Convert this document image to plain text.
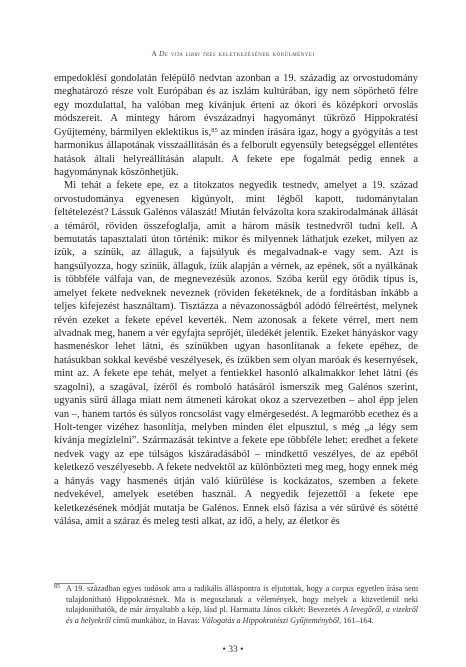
A De vita libri tres keletkezésének körülményei

empedoklési gondolatán felépülő nedvtan azonban a 19. századig az orvostudomány meghatározó része volt Európában és az iszlám kultúrában, így nem söpörhető félre egy mozdulattal, ha valóban meg kívánjuk érteni az ókori és középkori orvoslás módszereit. A mintegy három évszázadnyi hagyományt tükröző Hippokratési Gyűjtemény, bármilyen eklektikus is,$^{85}$ az minden írására igaz, hogy a gyógyítás a test harmonikus állapotának visszaállításán és a felborult egyensúly betegséggel ellentétes hatások általi helyreállításán alapult. A fekete epe fogalmát pedig ennek a hagyománynak köszönhetjük.

Mi tehát a fekete epe, ez a titokzatos negyedik testnedv, amelyet a 19. század orvostudománya egyenesen kigúnyolt, mint légből kapott, tudománytalan feltételezést? Lássuk Galénos válaszát! Miután felvázolta kora szakirodalmának állását a témáról, röviden összefoglalja, amit a három másik testnedvről tudni kell. A bemutatás tapasztalati úton történik: mikor és milyennek láthatjuk ezeket, milyen az ízük, a színük, az állaguk, a fajsúlyuk és megalvadnak-e vagy sem. Azt is hangsúlyozza, hogy színük, állaguk, ízük alapján a vérnek, az epének, sőt a nyálkának is többféle válfaja van, de megnevezésük azonos. Szóba kerül egy ötödik típus is, amelyet fekete nedveknek neveznek (röviden feketéknek, de a fordításban inkább a teljes kifejezést használtam). Tisztázza a névazonosságból adódó félreértést, melynek révén ezeket a fekete epével keverték. Nem azonosak a fekete vérrel, mert nem alvadnak meg, hanem a vér egyfajta seprőjét, üledékét jelentik. Ezeket hányáskor vagy hasmenéskor lehet látni, és színükben ugyan hasonlítanak a fekete epéhez, de hatásukban sokkal kevésbé veszélyesek, és ízükben sem olyan maróak és kesernyések, mint az. A fekete epe tehát, melyet a fentiekkel hasonló alkalmakkor lehet látni (és szagolni), a szagával, ízéről és romboló hatásáról ismerszik meg Galénos szerint, ugyanis sűrű állaga miatt nem átmeneti károkat okoz a szervezetben – ahol épp jelen van –, hanem tartós és súlyos roncsolást vagy elmérgesedést. A legmaróbb ecethez és a Holt-tenger vizéhez hasonlítja, melyben minden élet elpusztul, s még „a légy sem kívánja megízlelni”. Származását tekintve a fekete epe többféle lehet: eredhet a fekete nedvek vagy az epe túlságos kiszáradásából – mindkettő veszélyes, de az epéből keletkező veszélyesebb. A fekete nedvektől az különbözteti meg meg, hogy ennek még a hányás vagy hasmenés útján való kiürülése is kockázatos, szemben a fekete nedvekével, amelyek esetében használ. A negyedik fejezettől a fekete epe keletkezésének módját mutatja be Galénos. Ennek első fázisa a vér sűrűvé és sötétté válása, amit a száraz és meleg testi alkat, az idő, a hely, az életkor és

85 A 19. században egyes tudósok arra a radikális álláspontra is eljutottak, hogy a corpus egyetlen írása sem tulajdonítható Hippokratésnek. Ma is megoszlanak a vélemények, hogy melyek a közvetlenül neki tulajdoníthatók, de már árnyaltabb a kép, lásd pl. Harmatta János cikkét: Bevezetés A levegőről, a vizekről és a helyekről című munkához, in Havas: Válogatás a Hippokratészi Gyűjteményből, 161–164.
• 33 •
